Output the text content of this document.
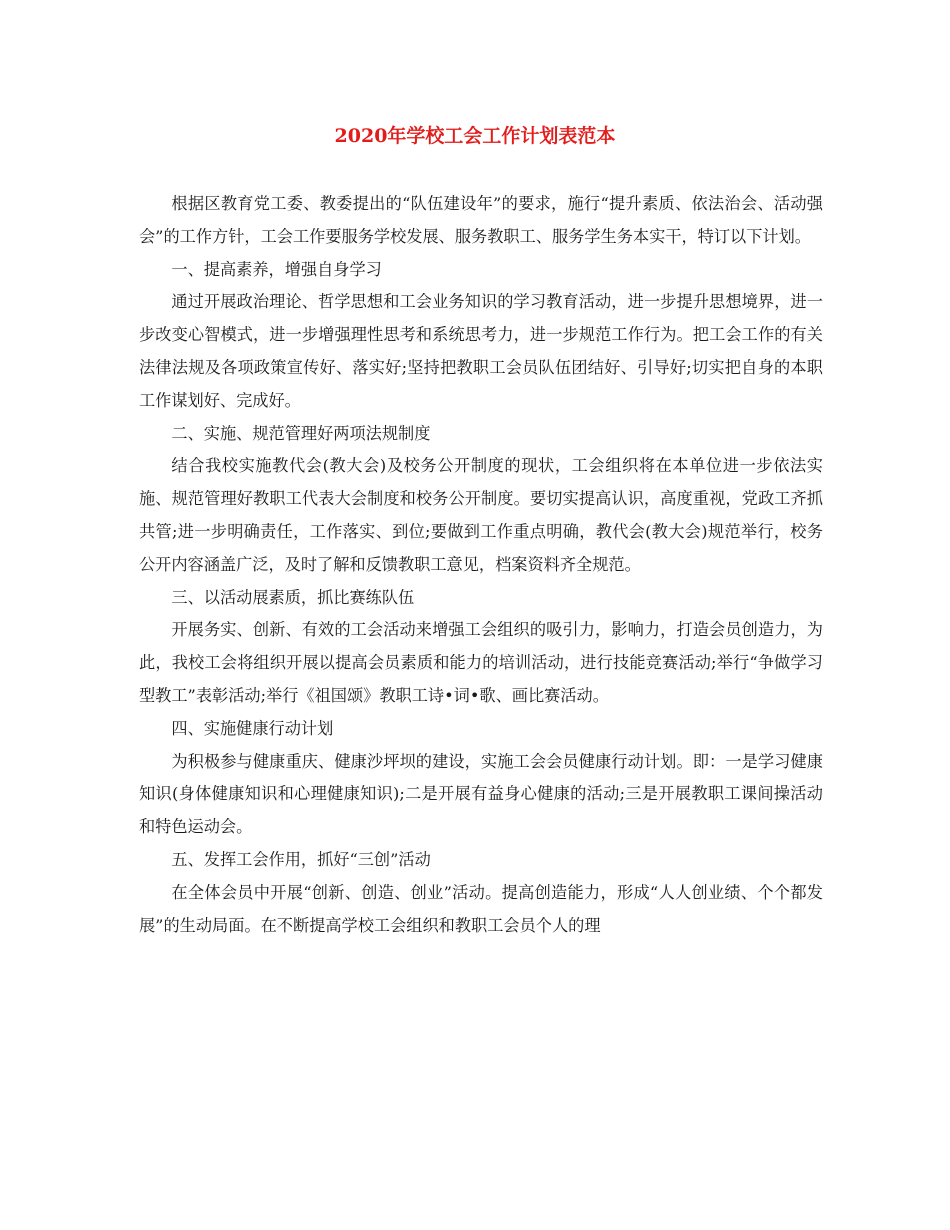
2020年学校工会工作计划表范本

根据区教育党工委、教委提出的“队伍建设年”的要求，施行“提升素质、依法治会、活动强会”的工作方针，工会工作要服务学校发展、服务教职工、服务学生务本实干，特订以下计划。

一、提高素养，增强自身学习

通过开展政治理论、哲学思想和工会业务知识的学习教育活动，进一步提升思想境界，进一步改变心智模式，进一步增强理性思考和系统思考力，进一步规范工作行为。把工会工作的有关法律法规及各项政策宣传好、落实好;坚持把教职工会员队伍团结好、引导好;切实把自身的本职工作谋划好、完成好。

二、实施、规范管理好两项法规制度

结合我校实施教代会(教大会)及校务公开制度的现状，工会组织将在本单位进一步依法实施、规范管理好教职工代表大会制度和校务公开制度。要切实提高认识，高度重视，党政工齐抓共管;进一步明确责任，工作落实、到位;要做到工作重点明确，教代会(教大会)规范举行，校务公开内容涵盖广泛，及时了解和反馈教职工意见，档案资料齐全规范。

三、以活动展素质，抓比赛练队伍

开展务实、创新、有效的工会活动来增强工会组织的吸引力，影响力，打造会员创造力，为此，我校工会将组织开展以提高会员素质和能力的培训活动，进行技能竞赛活动;举行“争做学习型教工”表彰活动;举行《祖国颂》教职工诗•词•歌、画比赛活动。

四、实施健康行动计划

为积极参与健康重庆、健康沙坪坝的建设，实施工会会员健康行动计划。即：一是学习健康知识(身体健康知识和心理健康知识);二是开展有益身心健康的活动;三是开展教职工课间操活动和特色运动会。

五、发挥工会作用，抓好“三创”活动

在全体会员中开展“创新、创造、创业”活动。提高创造能力，形成“人人创业绩、个个都发展”的生动局面。在不断提高学校工会组织和教职工会员个人的理
